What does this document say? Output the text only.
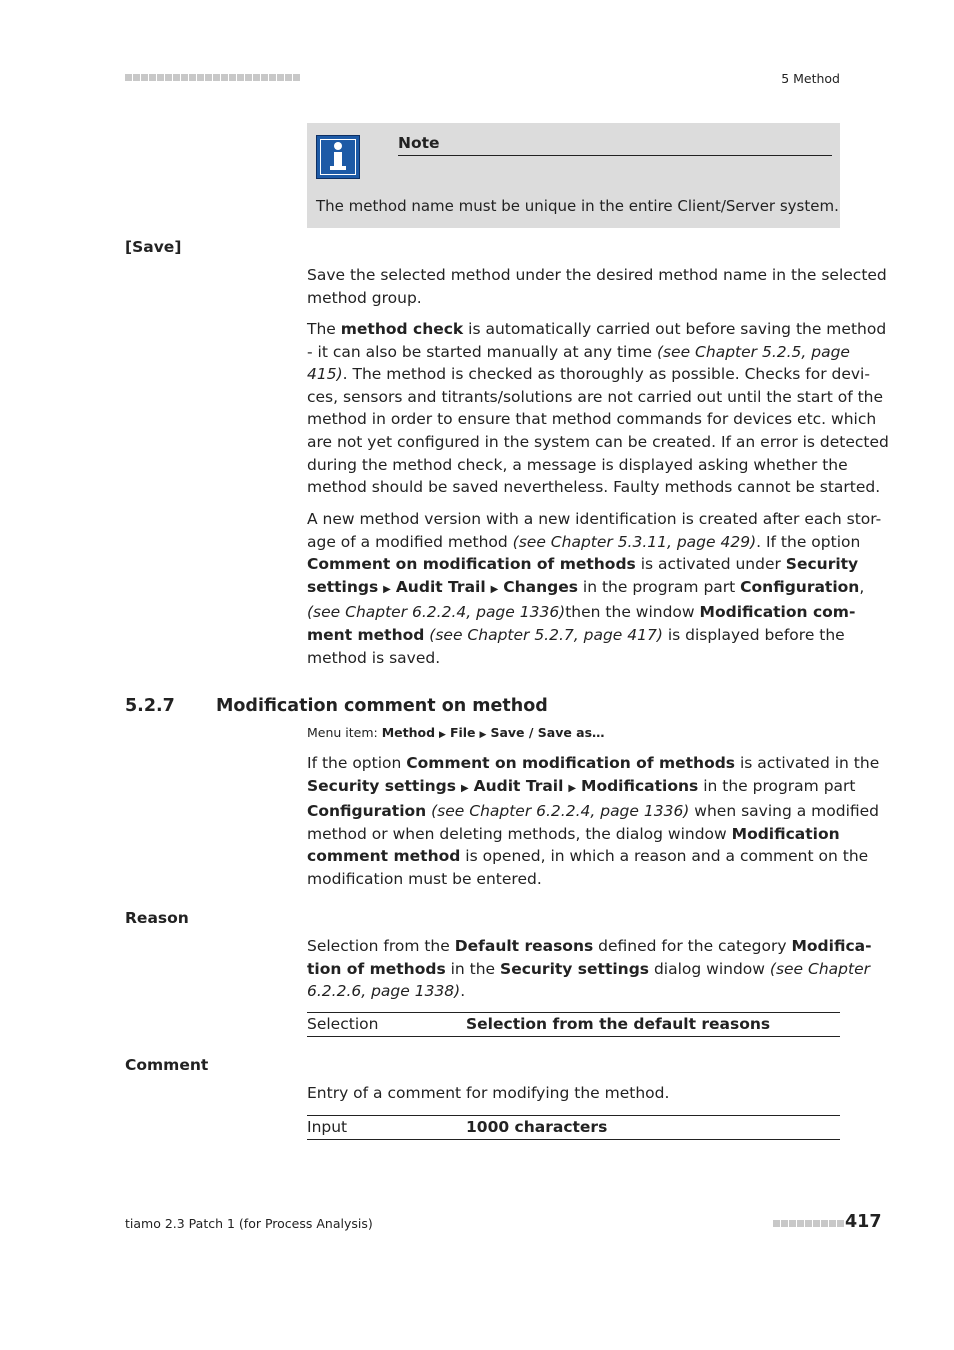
5 Method
Note
The method name must be unique in the entire Client/Server system.
[Save]
Save the selected method under the desired method name in the selected
method group.
The method check is automatically carried out before saving the method
- it can also be started manually at any time (see Chapter 5.2.5, page
415). The method is checked as thoroughly as possible. Checks for devi-
ces, sensors and titrants/solutions are not carried out until the start of the
method in order to ensure that method commands for devices etc. which
are not yet configured in the system can be created. If an error is detected
during the method check, a message is displayed asking whether the
method should be saved nevertheless. Faulty methods cannot be started.
A new method version with a new identification is created after each stor-
age of a modified method (see Chapter 5.3.11, page 429). If the option
Comment on modification of methods is activated under Security
settings ▶ Audit Trail ▶ Changes in the program part Configuration,
(see Chapter 6.2.2.4, page 1336)then the window Modification com-
ment method (see Chapter 5.2.7, page 417) is displayed before the
method is saved.
5.2.7 Modification comment on method
Menu item: Method ▶ File ▶ Save / Save as…
If the option Comment on modification of methods is activated in the
Security settings ▶ Audit Trail ▶ Modifications in the program part
Configuration (see Chapter 6.2.2.4, page 1336) when saving a modified
method or when deleting methods, the dialog window Modification
comment method is opened, in which a reason and a comment on the
modification must be entered.
Reason
Selection from the Default reasons defined for the category Modifica-
tion of methods in the Security settings dialog window (see Chapter
6.2.2.6, page 1338).
Selection	Selection from the default reasons
Comment
Entry of a comment for modifying the method.
Input	1000 characters
tiamo 2.3 Patch 1 (for Process Analysis)	417
